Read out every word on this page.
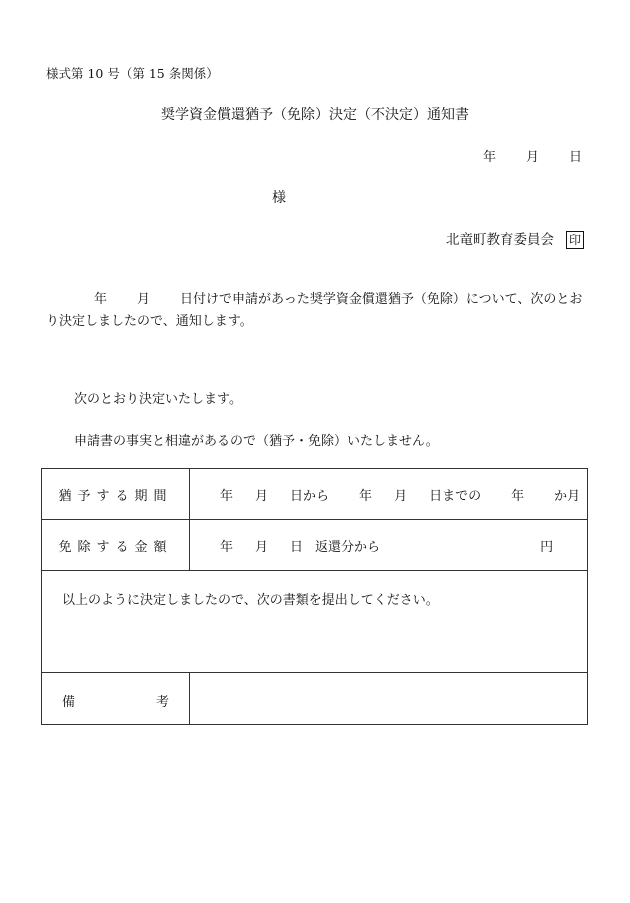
様式第 10 号（第 15 条関係）
奨学資金償還猶予（免除）決定（不決定）通知書
年 月 日
様
北竜町教育委員会 印
年 月 日付けで申請があった奨学資金償還猶予（免除）について、次のとおり決定しましたので、通知します。
次のとおり決定いたします。
申請書の事実と相違があるので（猶予・免除）いたしません。
猶予する期間	年 月 日から 年 月 日までの 年 か月
免除する金額	年 月 日 返還分から 円
以上のように決定しましたので、次の書類を提出してください。	

備 考	
